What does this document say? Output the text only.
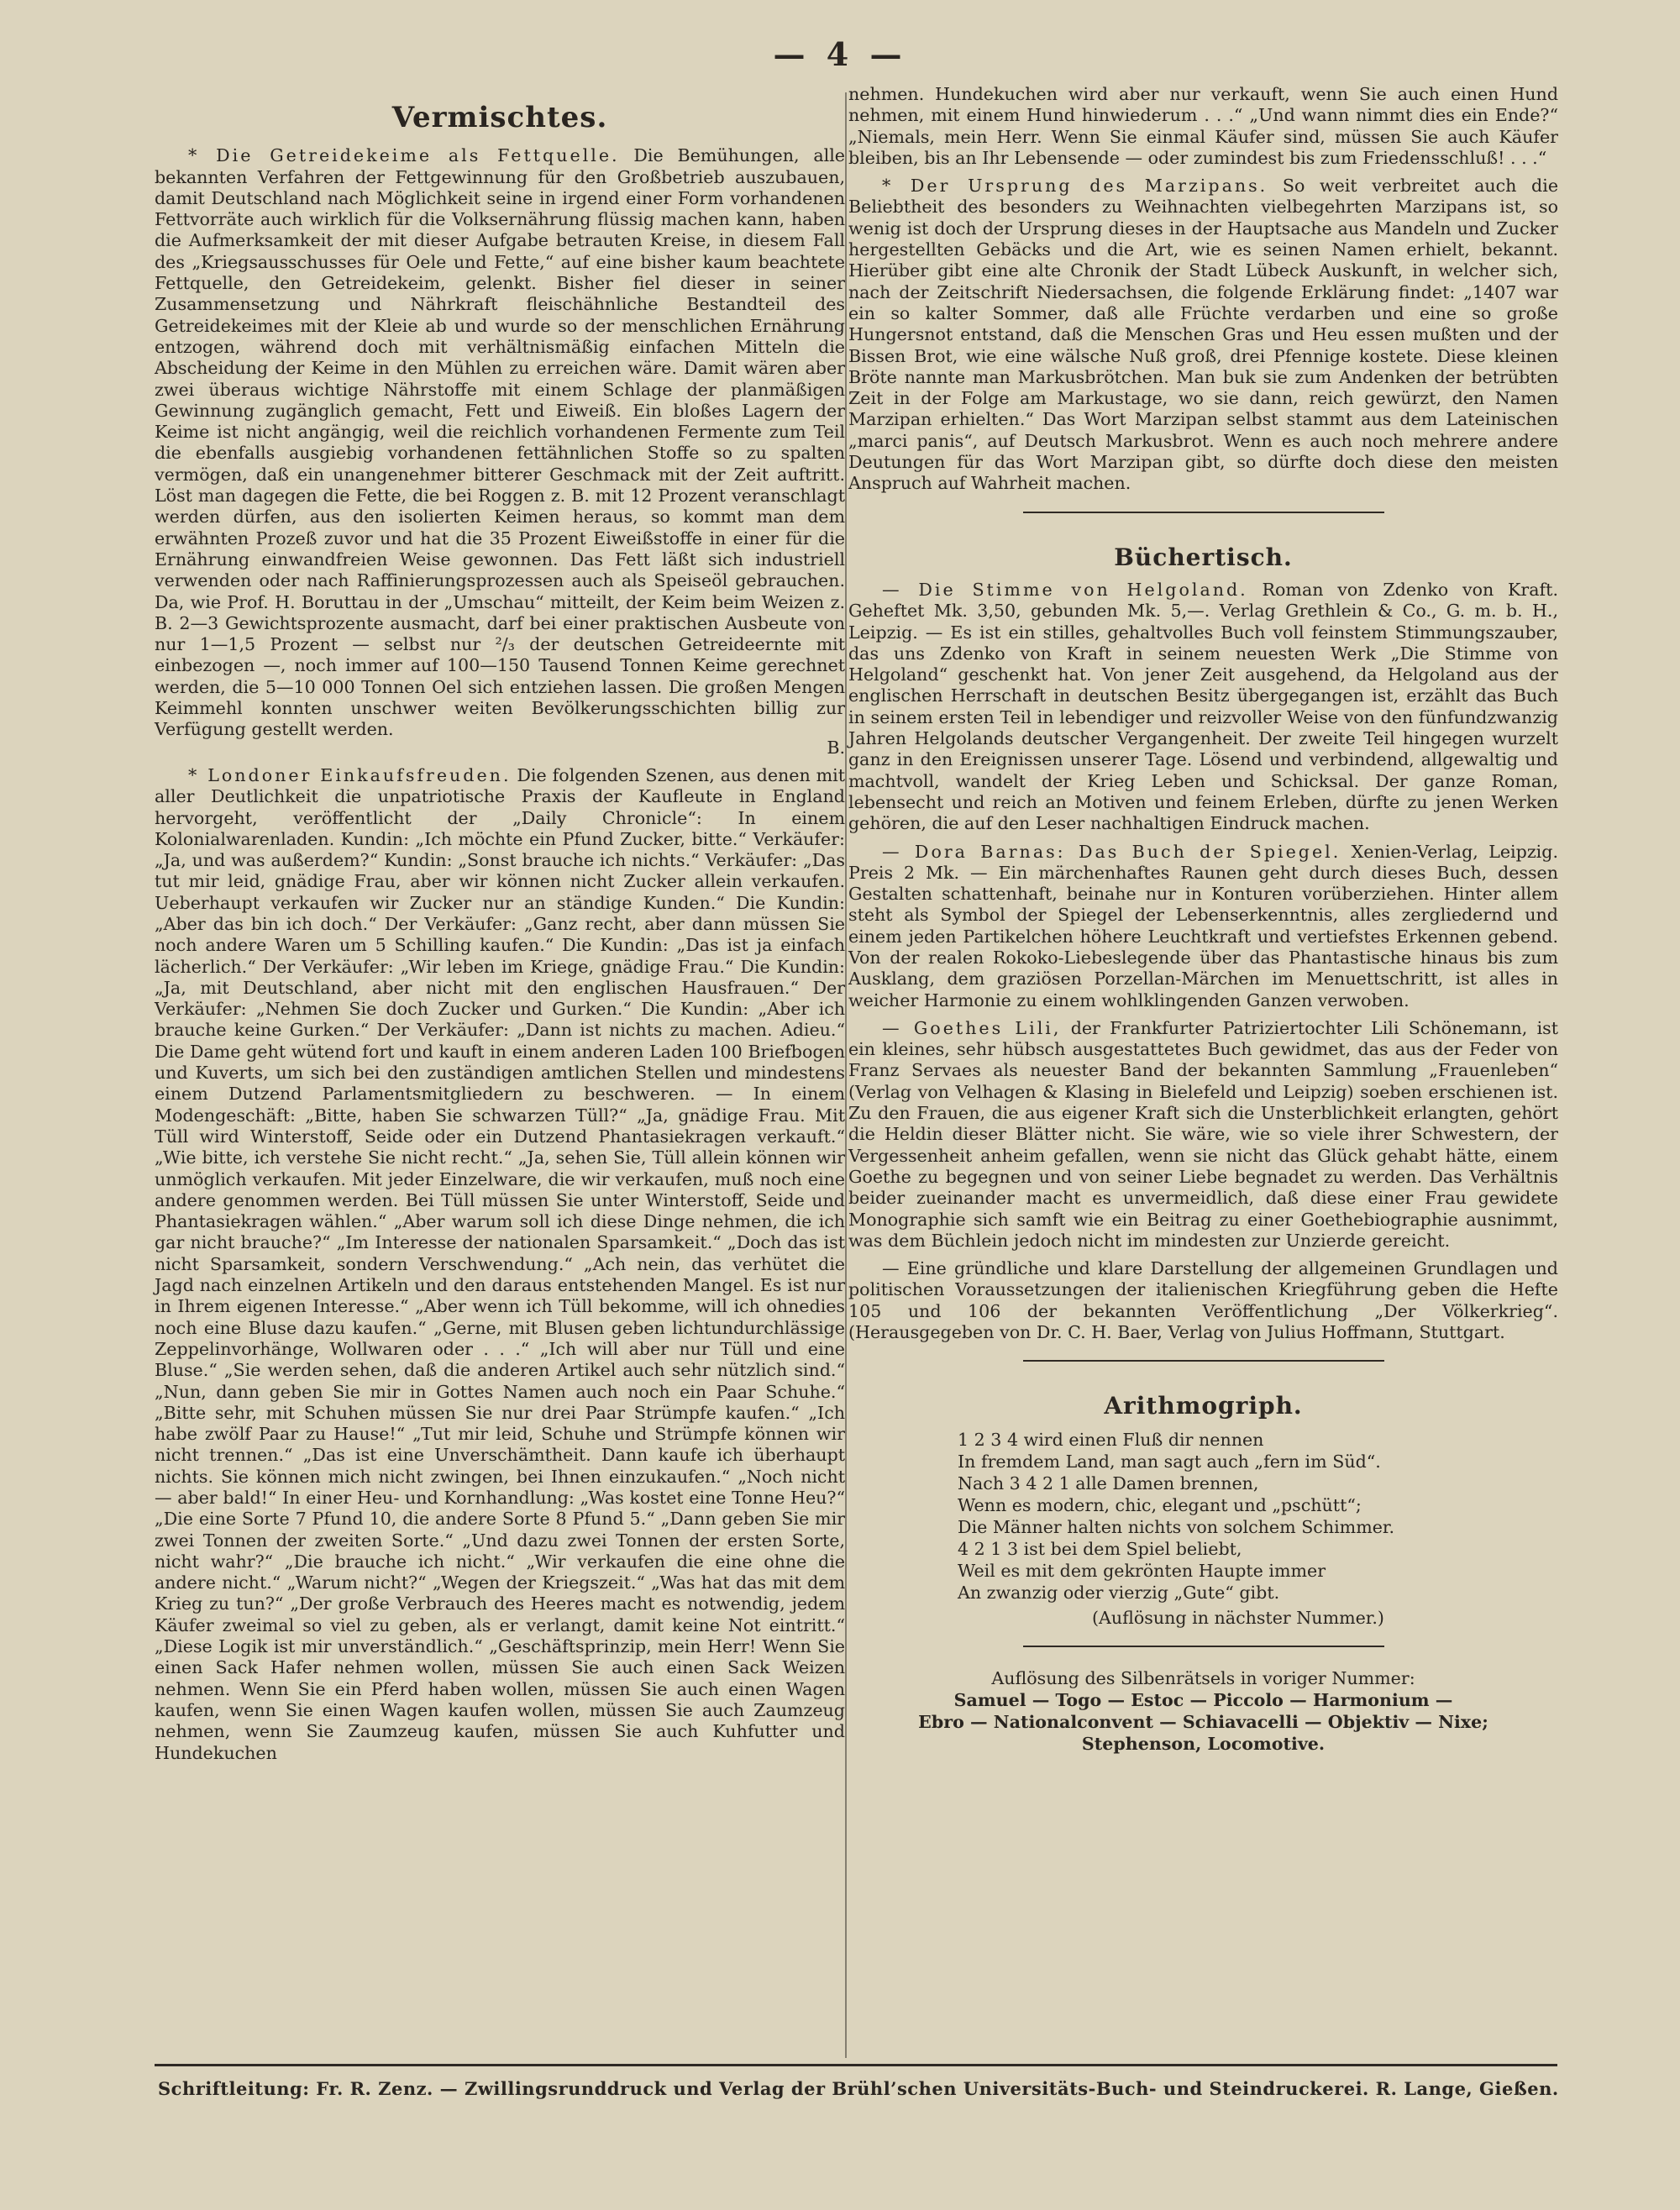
— 4 —
Vermischtes.

* Die Getreidekeime als Fettquelle. Die Bemühungen, alle bekannten Verfahren der Fettgewinnung für den Großbetrieb auszubauen, damit Deutschland nach Möglichkeit seine in irgend einer Form vorhandenen Fettvorräte auch wirklich für die Volksernährung flüssig machen kann, haben die Aufmerksamkeit der mit dieser Aufgabe betrauten Kreise, in diesem Fall des „Kriegsausschusses für Oele und Fette,“ auf eine bisher kaum beachtete Fettquelle, den Getreidekeim, gelenkt. Bisher fiel dieser in seiner Zusammensetzung und Nährkraft fleischähnliche Bestandteil des Getreidekeimes mit der Kleie ab und wurde so der menschlichen Ernährung entzogen, während doch mit verhältnismäßig einfachen Mitteln die Abscheidung der Keime in den Mühlen zu erreichen wäre. Damit wären aber zwei überaus wichtige Nährstoffe mit einem Schlage der planmäßigen Gewinnung zugänglich gemacht, Fett und Eiweiß. Ein bloßes Lagern der Keime ist nicht angängig, weil die reichlich vorhandenen Fermente zum Teil die ebenfalls ausgiebig vorhandenen fettähnlichen Stoffe so zu spalten vermögen, daß ein unangenehmer bitterer Geschmack mit der Zeit auftritt. Löst man dagegen die Fette, die bei Roggen z. B. mit 12 Prozent veranschlagt werden dürfen, aus den isolierten Keimen heraus, so kommt man dem erwähnten Prozeß zuvor und hat die 35 Prozent Eiweißstoffe in einer für die Ernährung einwandfreien Weise gewonnen. Das Fett läßt sich industriell verwenden oder nach Raffinierungsprozessen auch als Speiseöl gebrauchen. Da, wie Prof. H. Boruttau in der „Umschau“ mitteilt, der Keim beim Weizen z. B. 2—3 Gewichtsprozente ausmacht, darf bei einer praktischen Ausbeute von nur 1—1,5 Prozent — selbst nur ²/₃ der deutschen Getreideernte mit einbezogen —, noch immer auf 100—150 Tausend Tonnen Keime gerechnet werden, die 5—10 000 Tonnen Oel sich entziehen lassen. Die großen Mengen Keimmehl konnten unschwer weiten Bevölkerungsschichten billig zur Verfügung gestellt werden.
B.

* Londoner Einkaufsfreuden. Die folgenden Szenen, aus denen mit aller Deutlichkeit die unpatriotische Praxis der Kaufleute in England hervorgeht, veröffentlicht der „Daily Chronicle“: In einem Kolonialwarenladen. Kundin: „Ich möchte ein Pfund Zucker, bitte.“ Verkäufer: „Ja, und was außerdem?“ Kundin: „Sonst brauche ich nichts.“ Verkäufer: „Das tut mir leid, gnädige Frau, aber wir können nicht Zucker allein verkaufen. Ueberhaupt verkaufen wir Zucker nur an ständige Kunden.“ Die Kundin: „Aber das bin ich doch.“ Der Verkäufer: „Ganz recht, aber dann müssen Sie noch andere Waren um 5 Schilling kaufen.“ Die Kundin: „Das ist ja einfach lächerlich.“ Der Verkäufer: „Wir leben im Kriege, gnädige Frau.“ Die Kundin: „Ja, mit Deutschland, aber nicht mit den englischen Hausfrauen.“ Der Verkäufer: „Nehmen Sie doch Zucker und Gurken.“ Die Kundin: „Aber ich brauche keine Gurken.“ Der Verkäufer: „Dann ist nichts zu machen. Adieu.“ Die Dame geht wütend fort und kauft in einem anderen Laden 100 Briefbogen und Kuverts, um sich bei den zuständigen amtlichen Stellen und mindestens einem Dutzend Parlamentsmitgliedern zu beschweren. — In einem Modengeschäft: „Bitte, haben Sie schwarzen Tüll?“ „Ja, gnädige Frau. Mit Tüll wird Winterstoff, Seide oder ein Dutzend Phantasiekragen verkauft.“ „Wie bitte, ich verstehe Sie nicht recht.“ „Ja, sehen Sie, Tüll allein können wir unmöglich verkaufen. Mit jeder Einzelware, die wir verkaufen, muß noch eine andere genommen werden. Bei Tüll müssen Sie unter Winterstoff, Seide und Phantasiekragen wählen.“ „Aber warum soll ich diese Dinge nehmen, die ich gar nicht brauche?“ „Im Interesse der nationalen Sparsamkeit.“ „Doch das ist nicht Sparsamkeit, sondern Verschwendung.“ „Ach nein, das verhütet die Jagd nach einzelnen Artikeln und den daraus entstehenden Mangel. Es ist nur in Ihrem eigenen Interesse.“ „Aber wenn ich Tüll bekomme, will ich ohnedies noch eine Bluse dazu kaufen.“ „Gerne, mit Blusen geben lichtundurchlässige Zeppelinvorhänge, Wollwaren oder . . .“ „Ich will aber nur Tüll und eine Bluse.“ „Sie werden sehen, daß die anderen Artikel auch sehr nützlich sind.“ „Nun, dann geben Sie mir in Gottes Namen auch noch ein Paar Schuhe.“ „Bitte sehr, mit Schuhen müssen Sie nur drei Paar Strümpfe kaufen.“ „Ich habe zwölf Paar zu Hause!“ „Tut mir leid, Schuhe und Strümpfe können wir nicht trennen.“ „Das ist eine Unverschämtheit. Dann kaufe ich überhaupt nichts. Sie können mich nicht zwingen, bei Ihnen einzukaufen.“ „Noch nicht — aber bald!“ In einer Heu- und Kornhandlung: „Was kostet eine Tonne Heu?“ „Die eine Sorte 7 Pfund 10, die andere Sorte 8 Pfund 5.“ „Dann geben Sie mir zwei Tonnen der zweiten Sorte.“ „Und dazu zwei Tonnen der ersten Sorte, nicht wahr?“ „Die brauche ich nicht.“ „Wir verkaufen die eine ohne die andere nicht.“ „Warum nicht?“ „Wegen der Kriegszeit.“ „Was hat das mit dem Krieg zu tun?“ „Der große Verbrauch des Heeres macht es notwendig, jedem Käufer zweimal so viel zu geben, als er verlangt, damit keine Not eintritt.“ „Diese Logik ist mir unverständlich.“ „Geschäftsprinzip, mein Herr! Wenn Sie einen Sack Hafer nehmen wollen, müssen Sie auch einen Sack Weizen nehmen. Wenn Sie ein Pferd haben wollen, müssen Sie auch einen Wagen kaufen, wenn Sie einen Wagen kaufen wollen, müssen Sie auch Zaumzeug nehmen, wenn Sie Zaumzeug kaufen, müssen Sie auch Kuhfutter und Hundekuchen

nehmen. Hundekuchen wird aber nur verkauft, wenn Sie auch einen Hund nehmen, mit einem Hund hinwiederum . . .“ „Und wann nimmt dies ein Ende?“ „Niemals, mein Herr. Wenn Sie einmal Käufer sind, müssen Sie auch Käufer bleiben, bis an Ihr Lebensende — oder zumindest bis zum Friedensschluß! . . .“

* Der Ursprung des Marzipans. So weit verbreitet auch die Beliebtheit des besonders zu Weihnachten vielbegehrten Marzipans ist, so wenig ist doch der Ursprung dieses in der Hauptsache aus Mandeln und Zucker hergestellten Gebäcks und die Art, wie es seinen Namen erhielt, bekannt. Hierüber gibt eine alte Chronik der Stadt Lübeck Auskunft, in welcher sich, nach der Zeitschrift Niedersachsen, die folgende Erklärung findet: „1407 war ein so kalter Sommer, daß alle Früchte verdarben und eine so große Hungersnot entstand, daß die Menschen Gras und Heu essen mußten und der Bissen Brot, wie eine wälsche Nuß groß, drei Pfennige kostete. Diese kleinen Bröte nannte man Markusbrötchen. Man buk sie zum Andenken der betrübten Zeit in der Folge am Markustage, wo sie dann, reich gewürzt, den Namen Marzipan erhielten.“ Das Wort Marzipan selbst stammt aus dem Lateinischen „marci panis“, auf Deutsch Markusbrot. Wenn es auch noch mehrere andere Deutungen für das Wort Marzipan gibt, so dürfte doch diese den meisten Anspruch auf Wahrheit machen.

Büchertisch.

— Die Stimme von Helgoland. Roman von Zdenko von Kraft. Geheftet Mk. 3,50, gebunden Mk. 5,—. Verlag Grethlein & Co., G. m. b. H., Leipzig. — Es ist ein stilles, gehaltvolles Buch voll feinstem Stimmungszauber, das uns Zdenko von Kraft in seinem neuesten Werk „Die Stimme von Helgoland“ geschenkt hat. Von jener Zeit ausgehend, da Helgoland aus der englischen Herrschaft in deutschen Besitz übergegangen ist, erzählt das Buch in seinem ersten Teil in lebendiger und reizvoller Weise von den fünfundzwanzig Jahren Helgolands deutscher Vergangenheit. Der zweite Teil hingegen wurzelt ganz in den Ereignissen unserer Tage. Lösend und verbindend, allgewaltig und machtvoll, wandelt der Krieg Leben und Schicksal. Der ganze Roman, lebensecht und reich an Motiven und feinem Erleben, dürfte zu jenen Werken gehören, die auf den Leser nachhaltigen Eindruck machen.

— Dora Barnas: Das Buch der Spiegel. Xenien-Verlag, Leipzig. Preis 2 Mk. — Ein märchenhaftes Raunen geht durch dieses Buch, dessen Gestalten schattenhaft, beinahe nur in Konturen vorüberziehen. Hinter allem steht als Symbol der Spiegel der Lebenserkenntnis, alles zergliedernd und einem jeden Partikelchen höhere Leuchtkraft und vertiefstes Erkennen gebend. Von der realen Rokoko-Liebeslegende über das Phantastische hinaus bis zum Ausklang, dem graziösen Porzellan-Märchen im Menuettschritt, ist alles in weicher Harmonie zu einem wohlklingenden Ganzen verwoben.

— Goethes Lili, der Frankfurter Patriziertochter Lili Schönemann, ist ein kleines, sehr hübsch ausgestattetes Buch gewidmet, das aus der Feder von Franz Servaes als neuester Band der bekannten Sammlung „Frauenleben“ (Verlag von Velhagen & Klasing in Bielefeld und Leipzig) soeben erschienen ist. Zu den Frauen, die aus eigener Kraft sich die Unsterblichkeit erlangten, gehört die Heldin dieser Blätter nicht. Sie wäre, wie so viele ihrer Schwestern, der Vergessenheit anheim gefallen, wenn sie nicht das Glück gehabt hätte, einem Goethe zu begegnen und von seiner Liebe begnadet zu werden. Das Verhältnis beider zueinander macht es unvermeidlich, daß diese einer Frau gewidete Monographie sich samft wie ein Beitrag zu einer Goethebiographie ausnimmt, was dem Büchlein jedoch nicht im mindesten zur Unzierde gereicht.

— Eine gründliche und klare Darstellung der allgemeinen Grundlagen und politischen Voraussetzungen der italienischen Kriegführung geben die Hefte 105 und 106 der bekannten Veröffentlichung „Der Völkerkrieg“. (Herausgegeben von Dr. C. H. Baer, Verlag von Julius Hoffmann, Stuttgart.

Arithmogriph.
1 2 3 4 wird einen Fluß dir nennen
In fremdem Land, man sagt auch „fern im Süd“.
Nach 3 4 2 1 alle Damen brennen,
Wenn es modern, chic, elegant und „pschütt“;
Die Männer halten nichts von solchem Schimmer.
4 2 1 3 ist bei dem Spiel beliebt,
Weil es mit dem gekrönten Haupte immer
An zwanzig oder vierzig „Gute“ gibt.
(Auflösung in nächster Nummer.)
Auflösung des Silbenrätsels in voriger Nummer:
Samuel — Togo — Estoc — Piccolo — Harmonium —
Ebro — Nationalconvent — Schiavacelli — Objektiv — Nixe;
Stephenson, Locomotive.
Schriftleitung: Fr. R. Zenz. — Zwillingsrunddruck und Verlag der Brühl’schen Universitäts-Buch- und Steindruckerei. R. Lange, Gießen.
